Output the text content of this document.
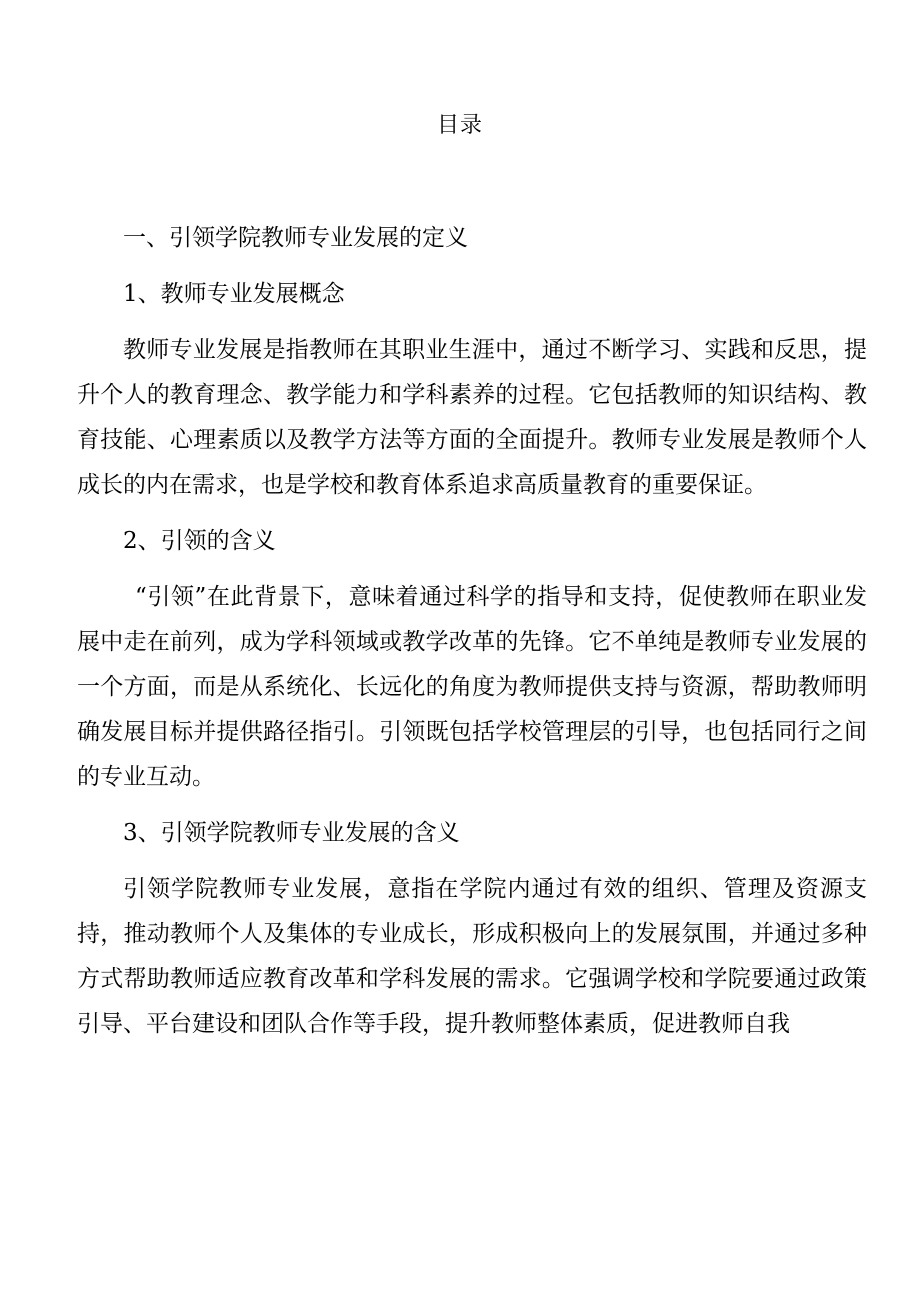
目录

一、引领学院教师专业发展的定义

1、教师专业发展概念

教师专业发展是指教师在其职业生涯中，通过不断学习、实践和反思，提升个人的教育理念、教学能力和学科素养的过程。它包括教师的知识结构、教育技能、心理素质以及教学方法等方面的全面提升。教师专业发展是教师个人成长的内在需求，也是学校和教育体系追求高质量教育的重要保证。

2、引领的含义

“引领”在此背景下，意味着通过科学的指导和支持，促使教师在职业发展中走在前列，成为学科领域或教学改革的先锋。它不单纯是教师专业发展的一个方面，而是从系统化、长远化的角度为教师提供支持与资源，帮助教师明确发展目标并提供路径指引。引领既包括学校管理层的引导，也包括同行之间的专业互动。

3、引领学院教师专业发展的含义

引领学院教师专业发展，意指在学院内通过有效的组织、管理及资源支持，推动教师个人及集体的专业成长，形成积极向上的发展氛围，并通过多种方式帮助教师适应教育改革和学科发展的需求。它强调学校和学院要通过政策引导、平台建设和团队合作等手段，提升教师整体素质，促进教师自我
